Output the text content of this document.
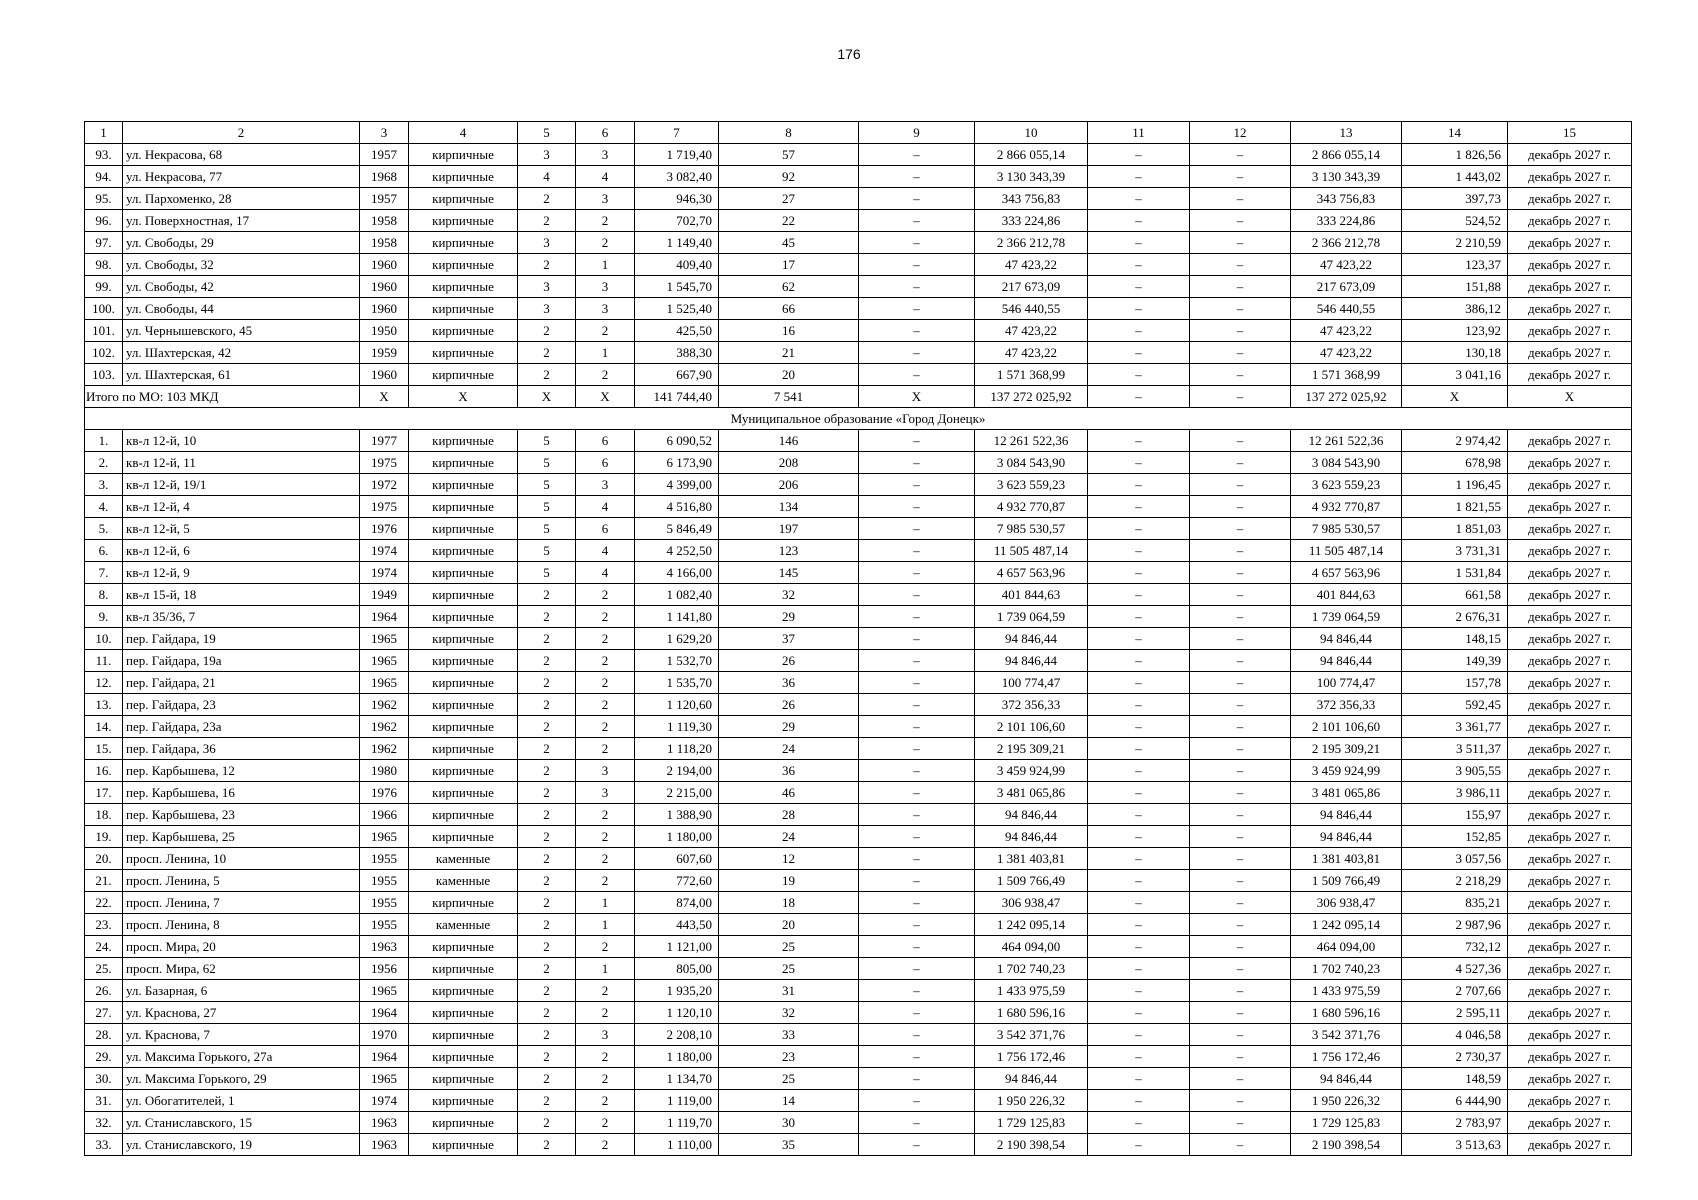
176
1	2	3	4	5	6	7	8	9	10	11	12	13	14	15
93.	ул. Некрасова, 68	1957	кирпичные	3	3	1 719,40	57	–	2 866 055,14	–	–	2 866 055,14	1 826,56	декабрь 2027 г.
94.	ул. Некрасова, 77	1968	кирпичные	4	4	3 082,40	92	–	3 130 343,39	–	–	3 130 343,39	1 443,02	декабрь 2027 г.
95.	ул. Пархоменко, 28	1957	кирпичные	2	3	946,30	27	–	343 756,83	–	–	343 756,83	397,73	декабрь 2027 г.
96.	ул. Поверхностная, 17	1958	кирпичные	2	2	702,70	22	–	333 224,86	–	–	333 224,86	524,52	декабрь 2027 г.
97.	ул. Свободы, 29	1958	кирпичные	3	2	1 149,40	45	–	2 366 212,78	–	–	2 366 212,78	2 210,59	декабрь 2027 г.
98.	ул. Свободы, 32	1960	кирпичные	2	1	409,40	17	–	47 423,22	–	–	47 423,22	123,37	декабрь 2027 г.
99.	ул. Свободы, 42	1960	кирпичные	3	3	1 545,70	62	–	217 673,09	–	–	217 673,09	151,88	декабрь 2027 г.
100.	ул. Свободы, 44	1960	кирпичные	3	3	1 525,40	66	–	546 440,55	–	–	546 440,55	386,12	декабрь 2027 г.
101.	ул. Чернышевского, 45	1950	кирпичные	2	2	425,50	16	–	47 423,22	–	–	47 423,22	123,92	декабрь 2027 г.
102.	ул. Шахтерская, 42	1959	кирпичные	2	1	388,30	21	–	47 423,22	–	–	47 423,22	130,18	декабрь 2027 г.
103.	ул. Шахтерская, 61	1960	кирпичные	2	2	667,90	20	–	1 571 368,99	–	–	1 571 368,99	3 041,16	декабрь 2027 г.
Итого по МО: 103 МКД		X	X	X	X	141 744,40	7 541	X	137 272 025,92	–	–	137 272 025,92	X	X
Муниципальное образование «Город Донецк»														
1.	кв-л 12-й, 10	1977	кирпичные	5	6	6 090,52	146	–	12 261 522,36	–	–	12 261 522,36	2 974,42	декабрь 2027 г.
2.	кв-л 12-й, 11	1975	кирпичные	5	6	6 173,90	208	–	3 084 543,90	–	–	3 084 543,90	678,98	декабрь 2027 г.
3.	кв-л 12-й, 19/1	1972	кирпичные	5	3	4 399,00	206	–	3 623 559,23	–	–	3 623 559,23	1 196,45	декабрь 2027 г.
4.	кв-л 12-й, 4	1975	кирпичные	5	4	4 516,80	134	–	4 932 770,87	–	–	4 932 770,87	1 821,55	декабрь 2027 г.
5.	кв-л 12-й, 5	1976	кирпичные	5	6	5 846,49	197	–	7 985 530,57	–	–	7 985 530,57	1 851,03	декабрь 2027 г.
6.	кв-л 12-й, 6	1974	кирпичные	5	4	4 252,50	123	–	11 505 487,14	–	–	11 505 487,14	3 731,31	декабрь 2027 г.
7.	кв-л 12-й, 9	1974	кирпичные	5	4	4 166,00	145	–	4 657 563,96	–	–	4 657 563,96	1 531,84	декабрь 2027 г.
8.	кв-л 15-й, 18	1949	кирпичные	2	2	1 082,40	32	–	401 844,63	–	–	401 844,63	661,58	декабрь 2027 г.
9.	кв-л 35/36, 7	1964	кирпичные	2	2	1 141,80	29	–	1 739 064,59	–	–	1 739 064,59	2 676,31	декабрь 2027 г.
10.	пер. Гайдара, 19	1965	кирпичные	2	2	1 629,20	37	–	94 846,44	–	–	94 846,44	148,15	декабрь 2027 г.
11.	пер. Гайдара, 19а	1965	кирпичные	2	2	1 532,70	26	–	94 846,44	–	–	94 846,44	149,39	декабрь 2027 г.
12.	пер. Гайдара, 21	1965	кирпичные	2	2	1 535,70	36	–	100 774,47	–	–	100 774,47	157,78	декабрь 2027 г.
13.	пер. Гайдара, 23	1962	кирпичные	2	2	1 120,60	26	–	372 356,33	–	–	372 356,33	592,45	декабрь 2027 г.
14.	пер. Гайдара, 23а	1962	кирпичные	2	2	1 119,30	29	–	2 101 106,60	–	–	2 101 106,60	3 361,77	декабрь 2027 г.
15.	пер. Гайдара, 36	1962	кирпичные	2	2	1 118,20	24	–	2 195 309,21	–	–	2 195 309,21	3 511,37	декабрь 2027 г.
16.	пер. Карбышева, 12	1980	кирпичные	2	3	2 194,00	36	–	3 459 924,99	–	–	3 459 924,99	3 905,55	декабрь 2027 г.
17.	пер. Карбышева, 16	1976	кирпичные	2	3	2 215,00	46	–	3 481 065,86	–	–	3 481 065,86	3 986,11	декабрь 2027 г.
18.	пер. Карбышева, 23	1966	кирпичные	2	2	1 388,90	28	–	94 846,44	–	–	94 846,44	155,97	декабрь 2027 г.
19.	пер. Карбышева, 25	1965	кирпичные	2	2	1 180,00	24	–	94 846,44	–	–	94 846,44	152,85	декабрь 2027 г.
20.	просп. Ленина, 10	1955	каменные	2	2	607,60	12	–	1 381 403,81	–	–	1 381 403,81	3 057,56	декабрь 2027 г.
21.	просп. Ленина, 5	1955	каменные	2	2	772,60	19	–	1 509 766,49	–	–	1 509 766,49	2 218,29	декабрь 2027 г.
22.	просп. Ленина, 7	1955	кирпичные	2	1	874,00	18	–	306 938,47	–	–	306 938,47	835,21	декабрь 2027 г.
23.	просп. Ленина, 8	1955	каменные	2	1	443,50	20	–	1 242 095,14	–	–	1 242 095,14	2 987,96	декабрь 2027 г.
24.	просп. Мира, 20	1963	кирпичные	2	2	1 121,00	25	–	464 094,00	–	–	464 094,00	732,12	декабрь 2027 г.
25.	просп. Мира, 62	1956	кирпичные	2	1	805,00	25	–	1 702 740,23	–	–	1 702 740,23	4 527,36	декабрь 2027 г.
26.	ул. Базарная, 6	1965	кирпичные	2	2	1 935,20	31	–	1 433 975,59	–	–	1 433 975,59	2 707,66	декабрь 2027 г.
27.	ул. Краснова, 27	1964	кирпичные	2	2	1 120,10	32	–	1 680 596,16	–	–	1 680 596,16	2 595,11	декабрь 2027 г.
28.	ул. Краснова, 7	1970	кирпичные	2	3	2 208,10	33	–	3 542 371,76	–	–	3 542 371,76	4 046,58	декабрь 2027 г.
29.	ул. Максима Горького, 27а	1964	кирпичные	2	2	1 180,00	23	–	1 756 172,46	–	–	1 756 172,46	2 730,37	декабрь 2027 г.
30.	ул. Максима Горького, 29	1965	кирпичные	2	2	1 134,70	25	–	94 846,44	–	–	94 846,44	148,59	декабрь 2027 г.
31.	ул. Обогатителей, 1	1974	кирпичные	2	2	1 119,00	14	–	1 950 226,32	–	–	1 950 226,32	6 444,90	декабрь 2027 г.
32.	ул. Станиславского, 15	1963	кирпичные	2	2	1 119,70	30	–	1 729 125,83	–	–	1 729 125,83	2 783,97	декабрь 2027 г.
33.	ул. Станиславского, 19	1963	кирпичные	2	2	1 110,00	35	–	2 190 398,54	–	–	2 190 398,54	3 513,63	декабрь 2027 г.
